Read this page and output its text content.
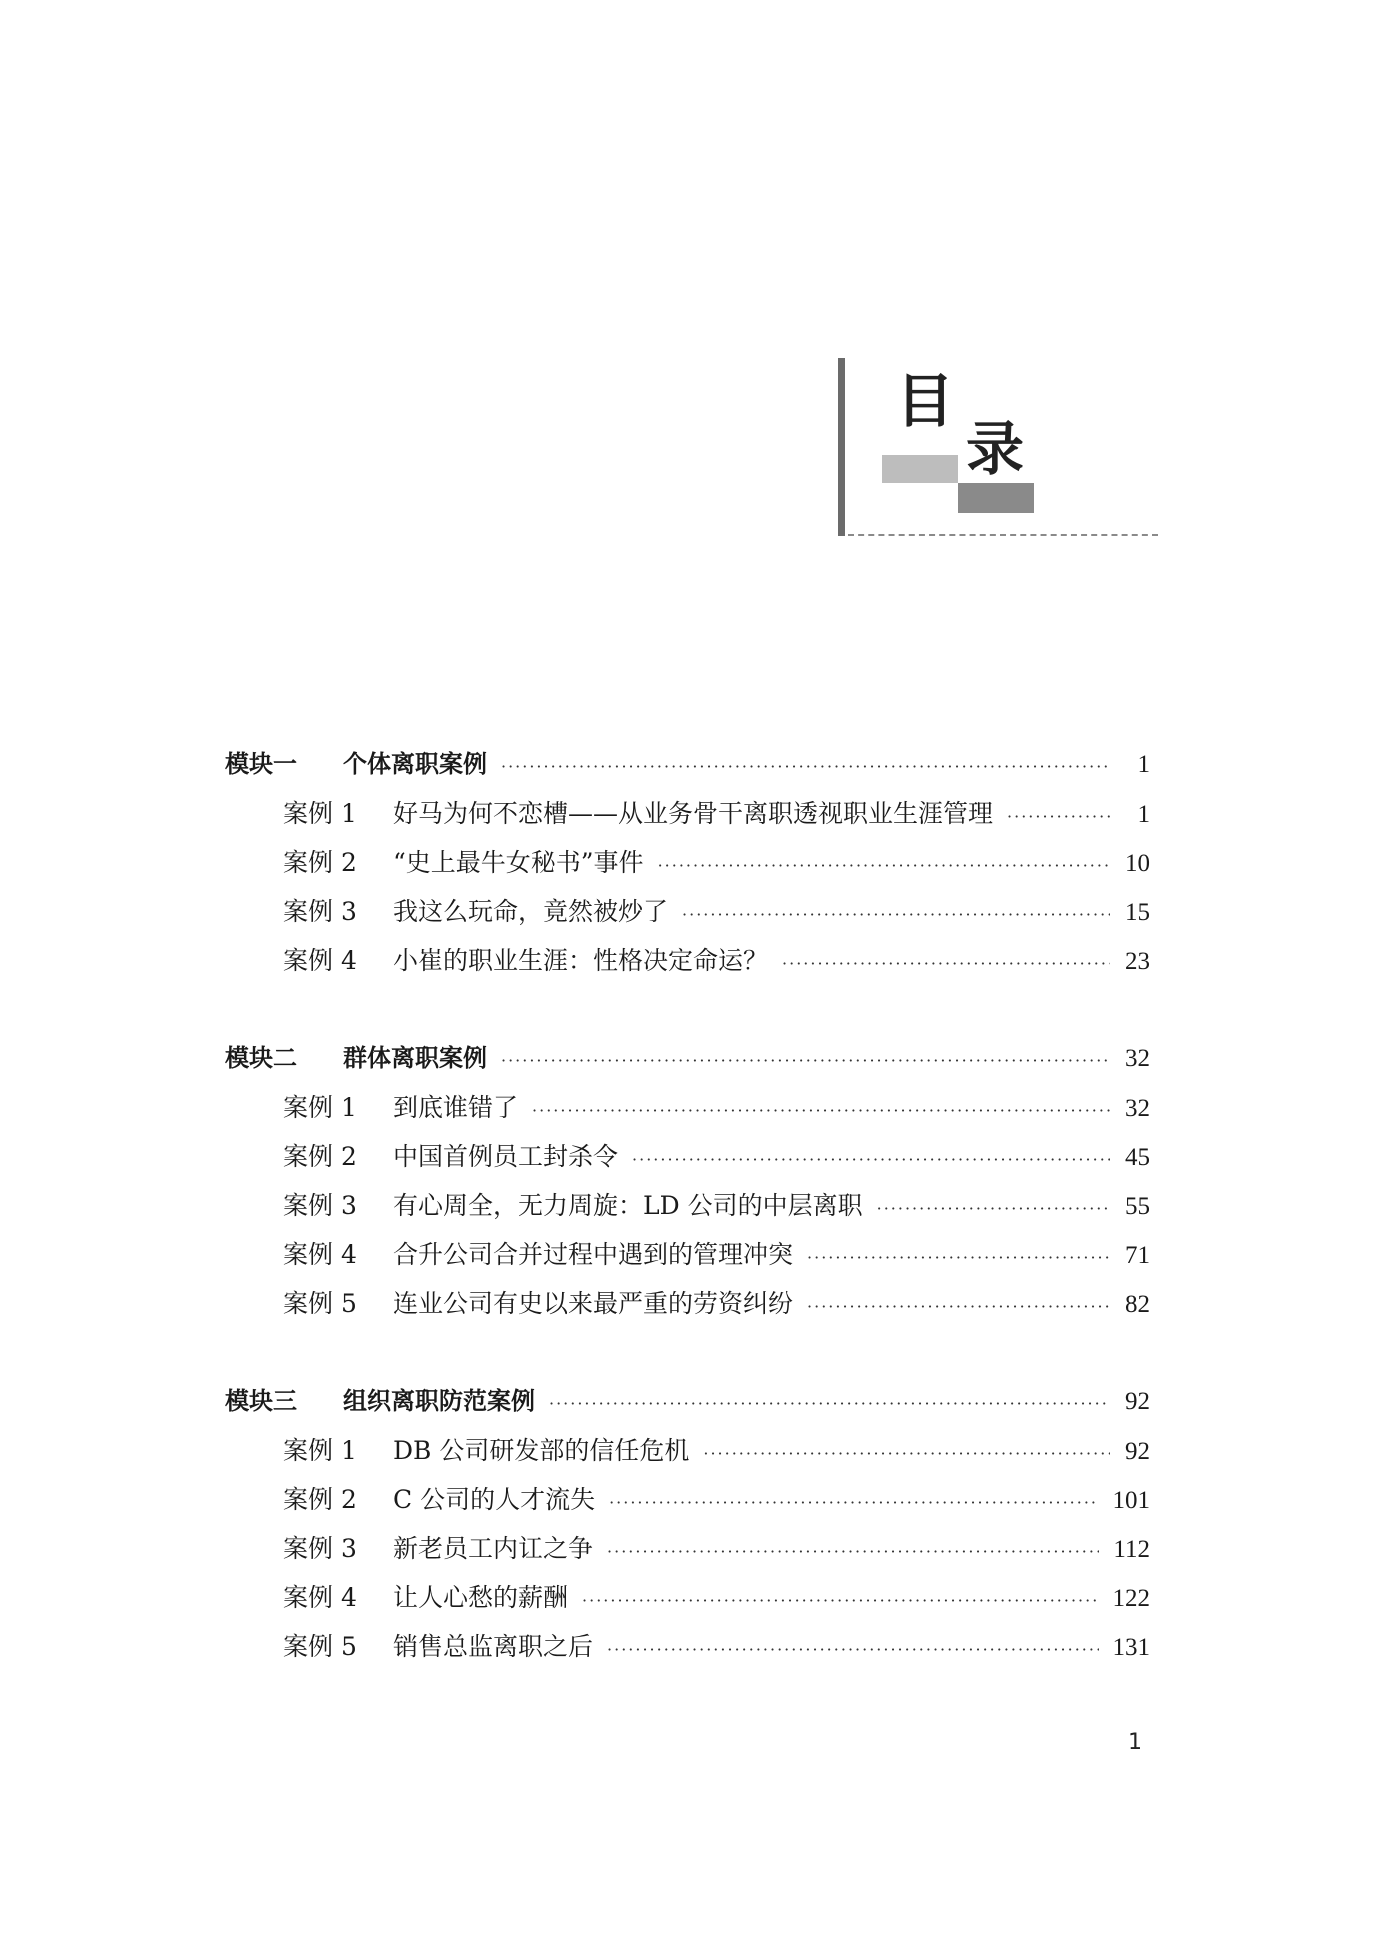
目
录
模块一	个体离职案例 ·····	1
案例 1	好马为何不恋槽——从业务骨干离职透视职业生涯管理 ·····	1
案例 2	“史上最牛女秘书”事件 ·····	10
案例 3	我这么玩命，竟然被炒了 ·····	15
案例 4	小崔的职业生涯：性格决定命运？ ·····	23
模块二	群体离职案例 ·····	32
案例 1	到底谁错了 ·····	32
案例 2	中国首例员工封杀令 ·····	45
案例 3	有心周全，无力周旋：LD 公司的中层离职 ·····	55
案例 4	合升公司合并过程中遇到的管理冲突 ·····	71
案例 5	连业公司有史以来最严重的劳资纠纷 ·····	82
模块三	组织离职防范案例 ·····	92
案例 1	DB 公司研发部的信任危机 ·····	92
案例 2	C 公司的人才流失 ·····	101
案例 3	新老员工内讧之争 ·····	112
案例 4	让人心愁的薪酬 ·····	122
案例 5	销售总监离职之后 ·····	131
1
